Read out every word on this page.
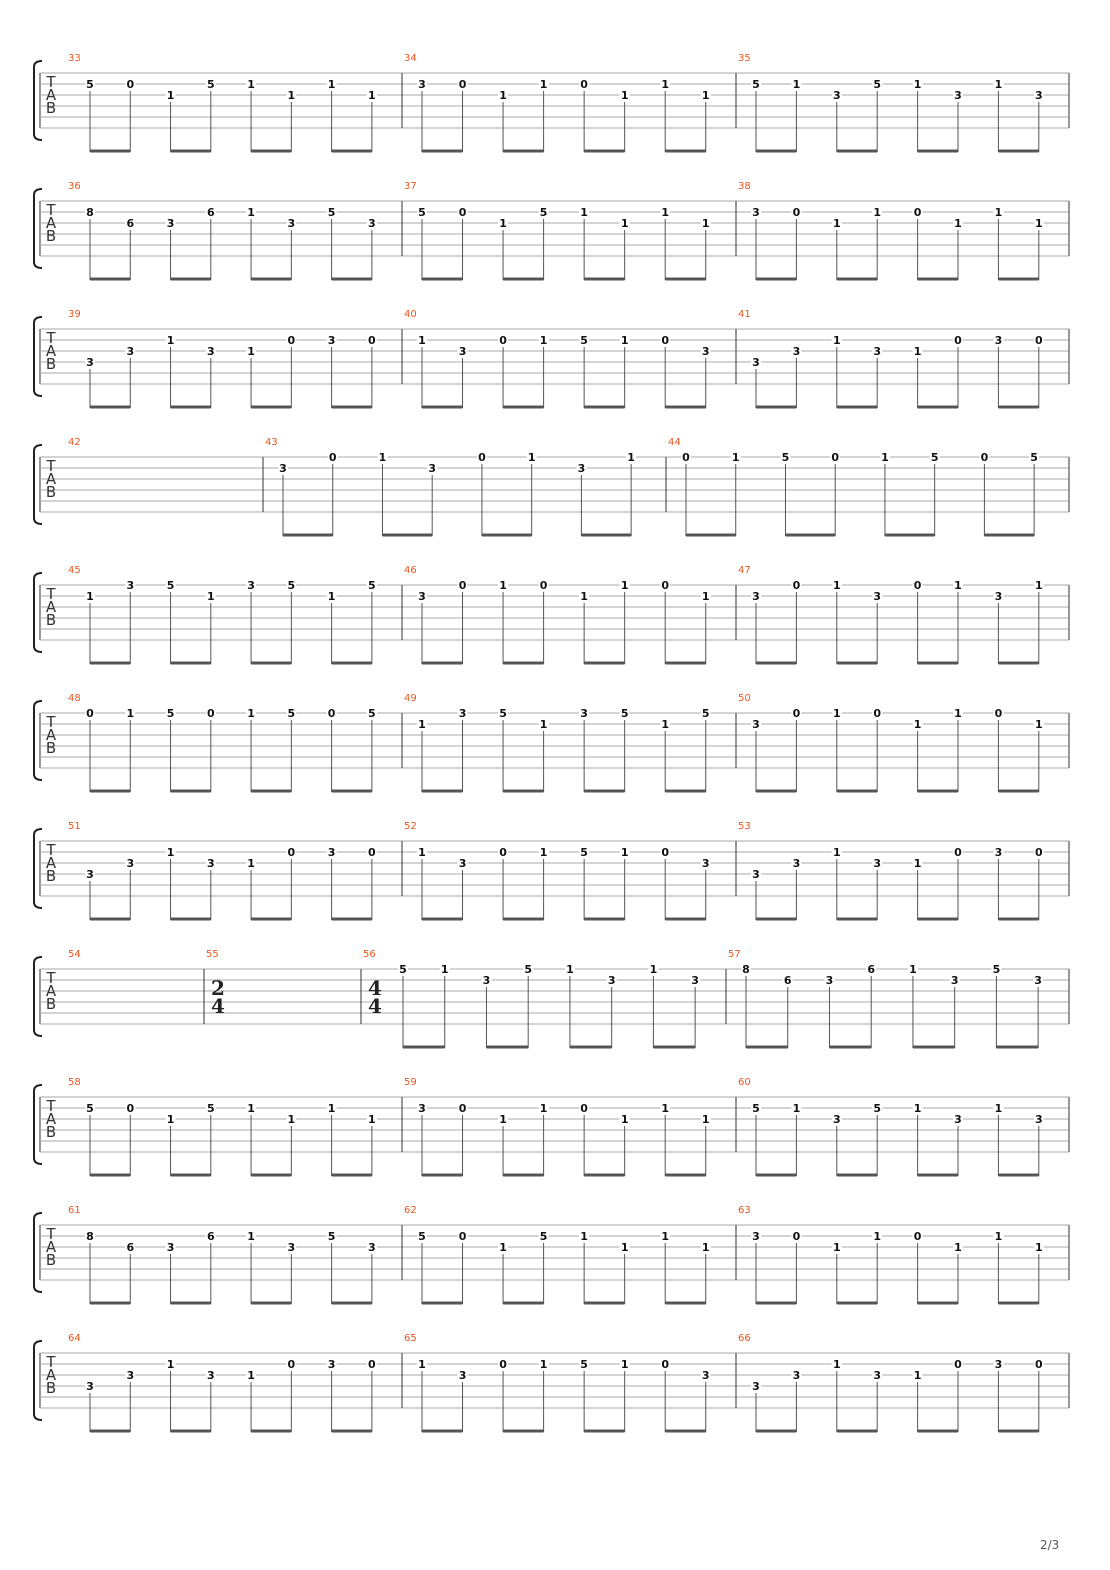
T
A
B
33
5	0
1
5	1
1
1
1
34
3	0
1
1	0
1
1
1
35
5	1
3
5	1
3
1
3
T
A
B
36
8
6	3
6	1
3
5
3
37
5	0
1
5	1
1
1
1
38
3	0
1
1	0
1
1
1
T
A
B
39
3
3
1
3	1
0	3	0
40
1
3
0	1	5	1	0
3
41
3
3
1
3	1
0	3	0
T
A
B
42	43
3
0	1
3
0	1
3
1
44
0	1	5	0	1	5	0	5
T
A
B
45
1
3	5
1
3	5
1
5
46
3
0	1	0
1
1	0
1
47
3
0	1
3
0	1
3
1
T
A
B
48
0	1	5	0	1	5	0	5
49
1
3	5
1
3	5
1
5
50
3
0	1	0
1
1	0
1
T
A
B
51
3
3
1
3	1
0	3	0
52
1
3
0	1	5	1	0
3
53
3
3
1
3	1
0	3	0
T
A
B
54	55
2
4
56
4
4
5	1
3
5	1
3
1
3
57
8
6	3
6	1
3
5
3
T
A
B
58
5	0
1
5	1
1
1
1
59
3	0
1
1	0
1
1
1
60
5	1
3
5	1
3
1
3
T
A
B
61
8
6	3
6	1
3
5
3
62
5	0
1
5	1
1
1
1
63
3	0
1
1	0
1
1
1
T
A
B
64
3
3
1
3	1
0	3	0
65
1
3
0	1	5	1	0
3
66
3
3
1
3	1
0	3	0
2/3
